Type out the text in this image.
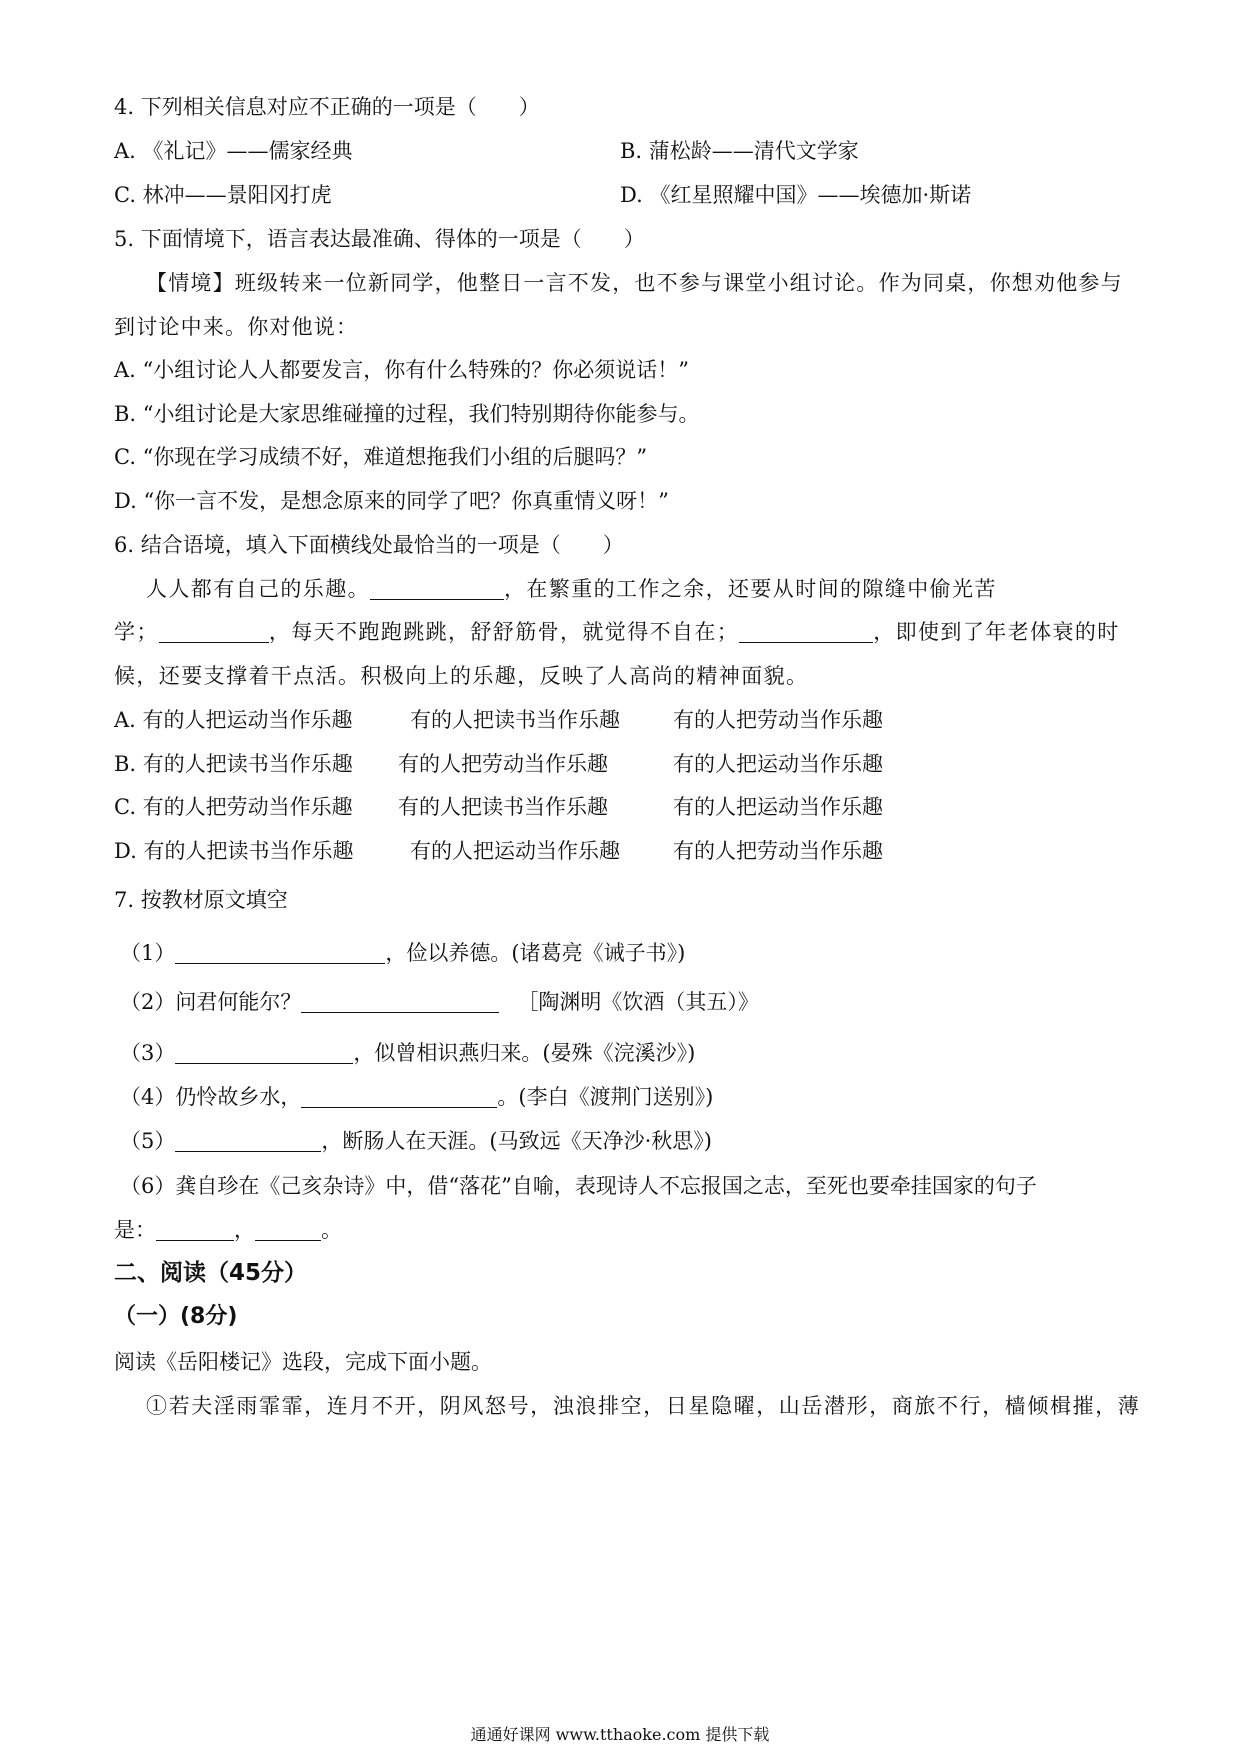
4. 下列相关信息对应不正确的一项是（　　）
A. 《礼记》——儒家经典	B. 蒲松龄——清代文学家
C. 林冲——景阳冈打虎	D. 《红星照耀中国》——埃德加·斯诺
5. 下面情境下，语言表达最准确、得体的一项是（　　）
【情境】班级转来一位新同学，他整日一言不发，也不参与课堂小组讨论。作为同桌，你想劝他参与
到讨论中来。你对他说：
A. “小组讨论人人都要发言，你有什么特殊的？你必须说话！”
B. “小组讨论是大家思维碰撞的过程，我们特别期待你能参与。
C. “你现在学习成绩不好，难道想拖我们小组的后腿吗？”
D. “你一言不发，是想念原来的同学了吧？你真重情义呀！”
6. 结合语境，填入下面横线处最恰当的一项是（　　）
人人都有自己的乐趣。	，在繁重的工作之余，还要从时间的隙缝中偷光苦
学；	，每天不跑跑跳跳，舒舒筋骨，就觉得不自在；	，即使到了年老体衰的时
候，还要支撑着干点活。积极向上的乐趣，反映了人高尚的精神面貌。
A. 有的人把运动当作乐趣	有的人把读书当作乐趣	有的人把劳动当作乐趣
B. 有的人把读书当作乐趣 有的人把劳动当作乐趣	有的人把运动当作乐趣
C. 有的人把劳动当作乐趣 有的人把读书当作乐趣	有的人把运动当作乐趣
D. 有的人把读书当作乐趣	有的人把运动当作乐趣	有的人把劳动当作乐趣
7. 按教材原文填空
（1）	，俭以养德。(诸葛亮《诫子书》)
（2）问君何能尔？	［陶渊明《饮酒（其五）》
（3）	，似曾相识燕归来。(晏殊《浣溪沙》)
（4）仍怜故乡水，	。(李白《渡荆门送别》)
（5）	，断肠人在天涯。(马致远《天净沙·秋思》)
（6）龚自珍在《己亥杂诗》中，借“落花”自喻，表现诗人不忘报国之志，至死也要牵挂国家的句子
是：	，	。
二、阅读（45分）
（一）(8分)
阅读《岳阳楼记》选段，完成下面小题。
①若夫淫雨霏霏，连月不开，阴风怒号，浊浪排空，日星隐曜，山岳潜形，商旅不行，樯倾楫摧，薄
通通好课网 www.tthaoke.com 提供下载
